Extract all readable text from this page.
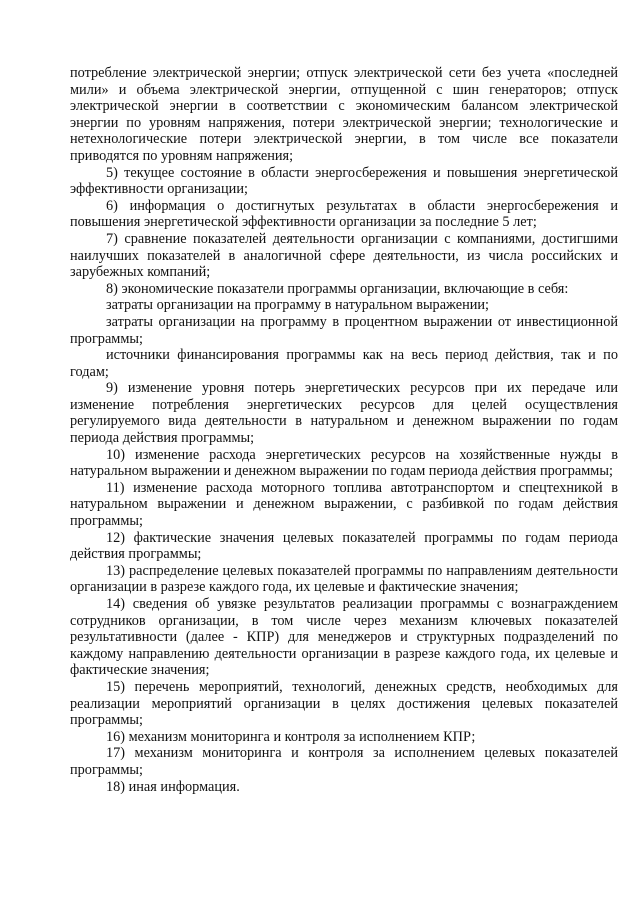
потребление электрической энергии; отпуск электрической сети без учета «последней мили» и объема электрической энергии, отпущенной с шин генераторов; отпуск электрической энергии в соответствии с экономическим балансом электрической энергии по уровням напряжения, потери электрической энергии; технологические и нетехнологические потери электрической энергии, в том числе все показатели приводятся по уровням напряжения;

5) текущее состояние в области энергосбережения и повышения энергетической эффективности организации;

6) информация о достигнутых результатах в области энергосбережения и повышения энергетической эффективности организации за последние 5 лет;

7) сравнение показателей деятельности организации с компаниями, достигшими наилучших показателей в аналогичной сфере деятельности, из числа российских и зарубежных компаний;

8) экономические показатели программы организации, включающие в себя:

затраты организации на программу в натуральном выражении;

затраты организации на программу в процентном выражении от инвестиционной программы;

источники финансирования программы как на весь период действия, так и по годам;

9) изменение уровня потерь энергетических ресурсов при их передаче или изменение потребления энергетических ресурсов для целей осуществления регулируемого вида деятельности в натуральном и денежном выражении по годам периода действия программы;

10) изменение расхода энергетических ресурсов на хозяйственные нужды в натуральном выражении и денежном выражении по годам периода действия программы;

11) изменение расхода моторного топлива автотранспортом и спецтехникой в натуральном выражении и денежном выражении, с разбивкой по годам действия программы;

12) фактические значения целевых показателей программы по годам периода действия программы;

13) распределение целевых показателей программы по направлениям деятельности организации в разрезе каждого года, их целевые и фактические значения;

14) сведения об увязке результатов реализации программы с вознаграждением сотрудников организации, в том числе через механизм ключевых показателей результативности (далее - КПР) для менеджеров и структурных подразделений по каждому направлению деятельности организации в разрезе каждого года, их целевые и фактические значения;

15) перечень мероприятий, технологий, денежных средств, необходимых для реализации мероприятий организации в целях достижения целевых показателей программы;

16) механизм мониторинга и контроля за исполнением КПР;

17) механизм мониторинга и контроля за исполнением целевых показателей программы;

18) иная информация.
